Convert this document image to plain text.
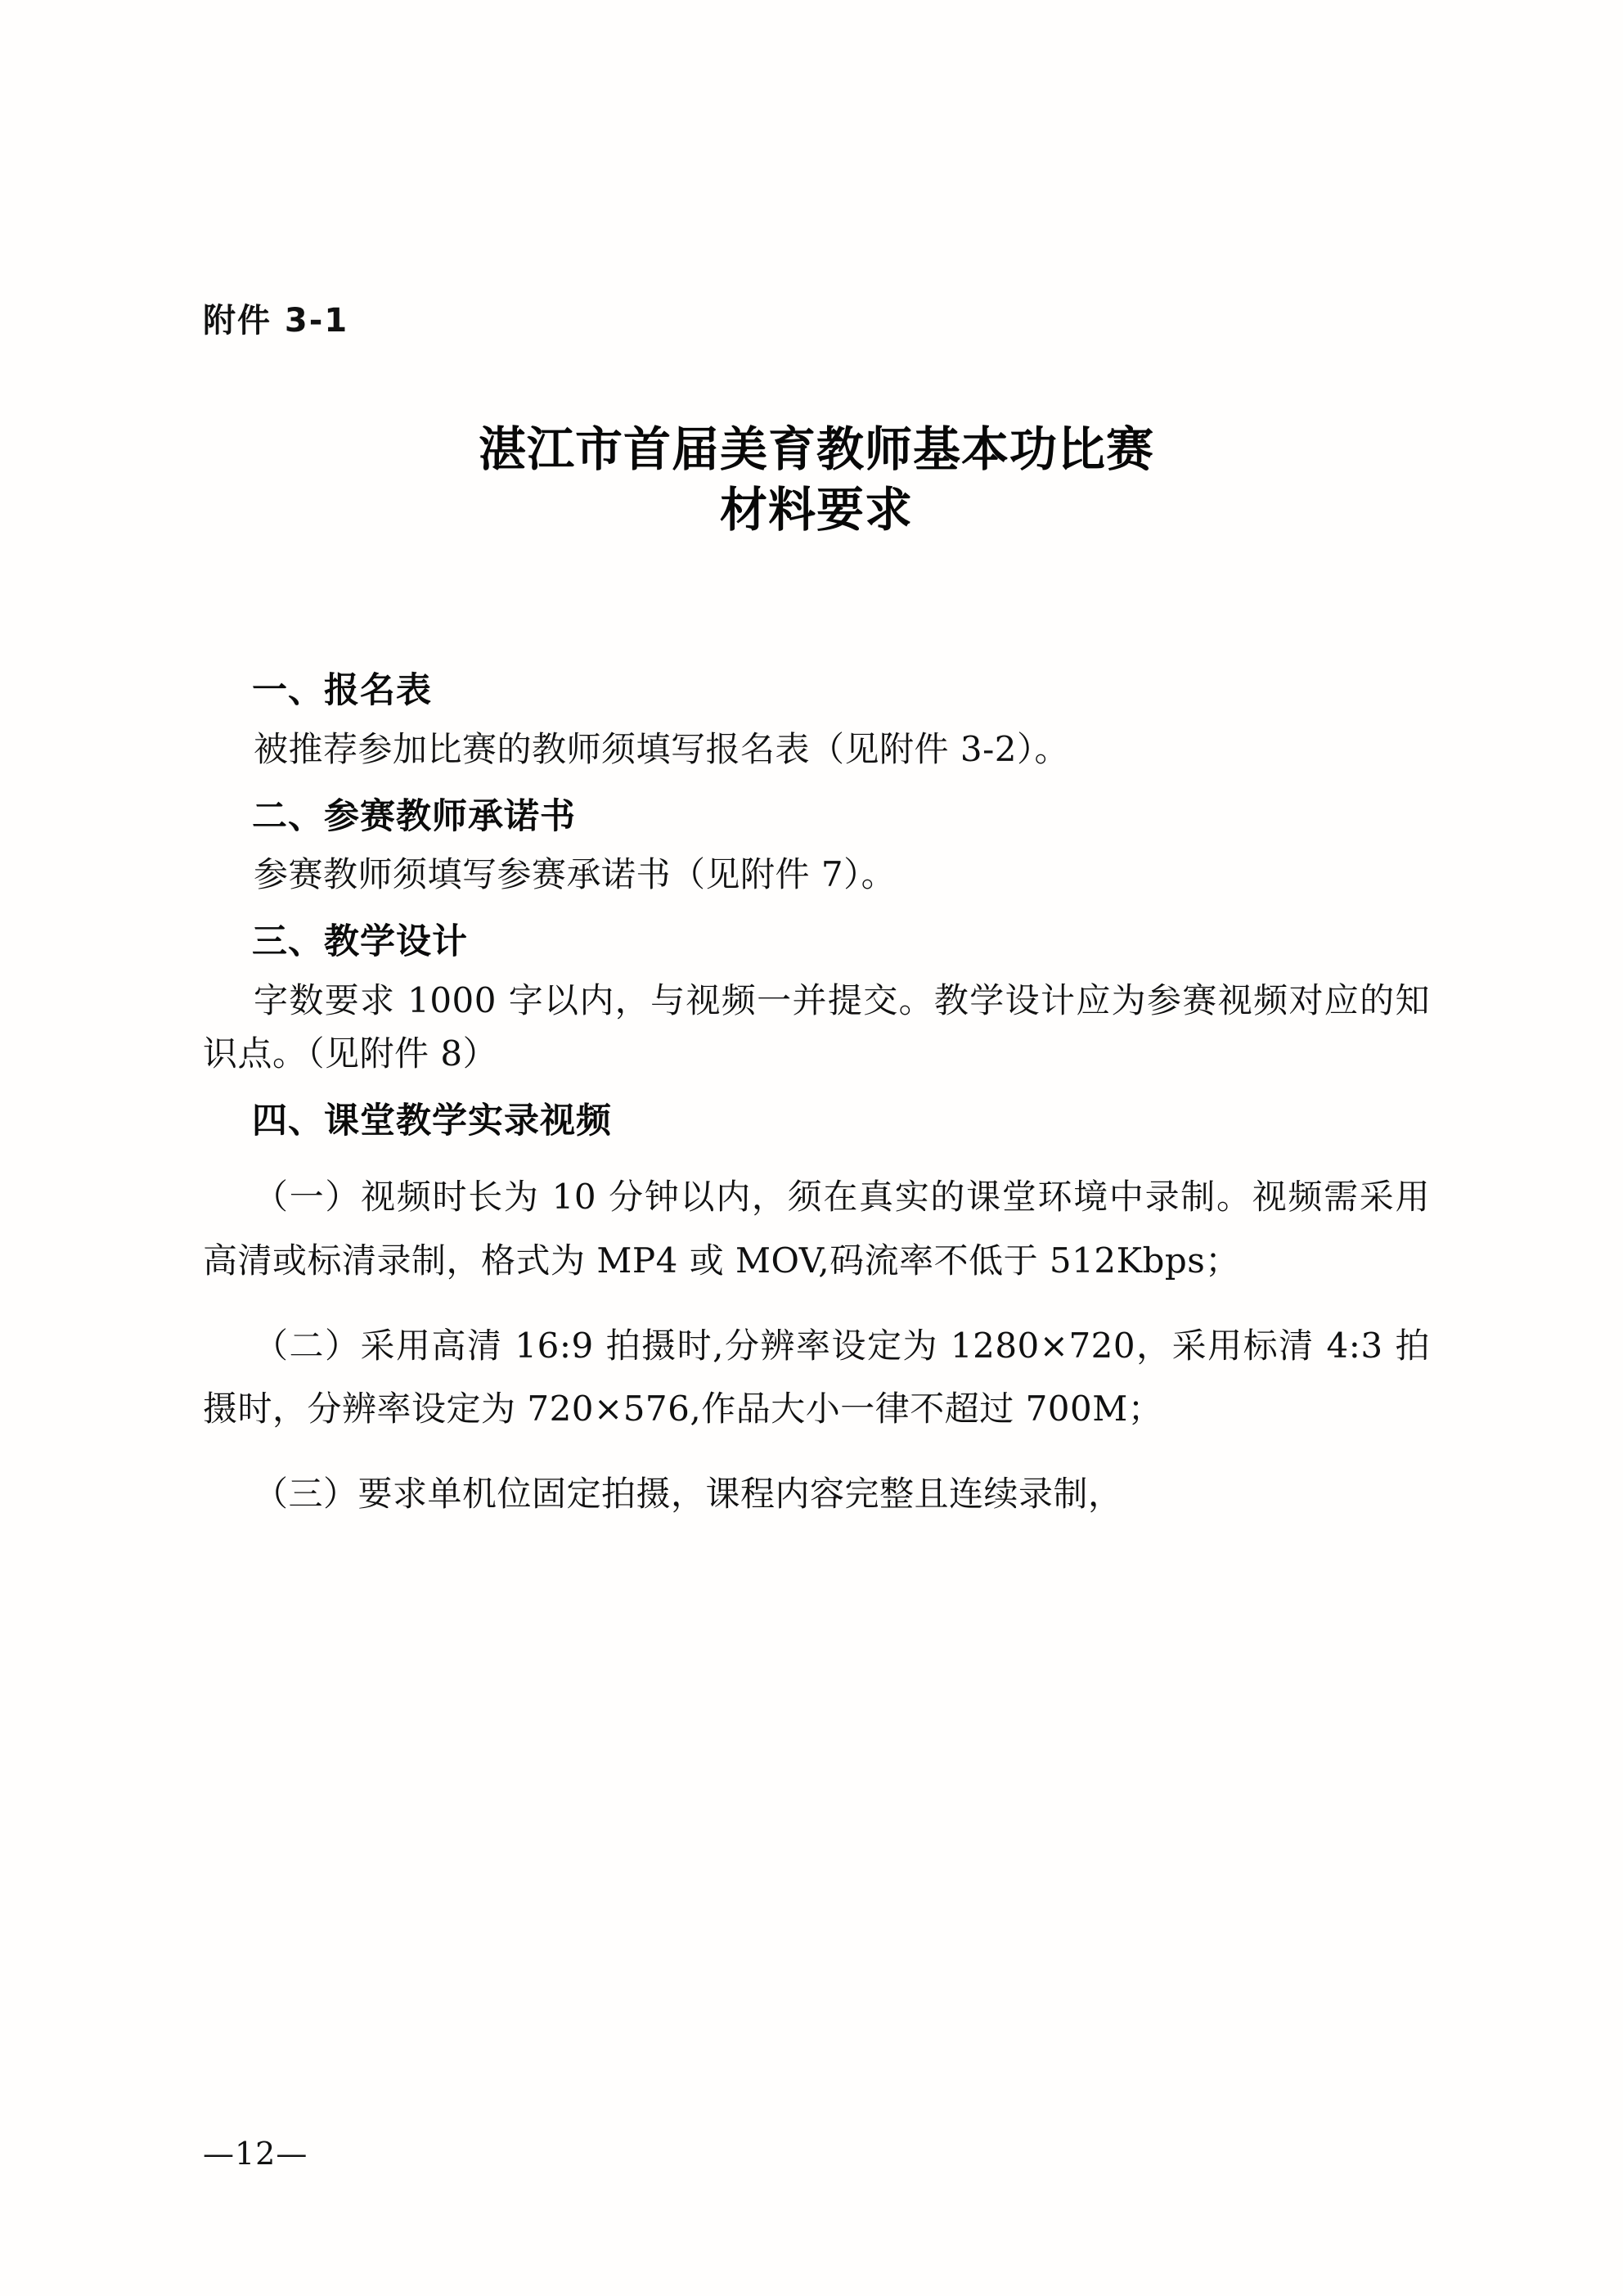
附件 3-1
湛江市首届美育教师基本功比赛
材料要求
一、报名表

被推荐参加比赛的教师须填写报名表（见附件 3-2）。

二、参赛教师承诺书

参赛教师须填写参赛承诺书（见附件 7）。

三、教学设计

字数要求 1000 字以内，与视频一并提交。教学设计应为参赛视频对应的知识点。（见附件 8）

四、课堂教学实录视频

（一）视频时长为 10 分钟以内，须在真实的课堂环境中录制。视频需采用高清或标清录制，格式为 MP4 或 MOV,码流率不低于 512Kbps；

（二）采用高清 16:9 拍摄时,分辨率设定为 1280×720，采用标清 4:3 拍摄时，分辨率设定为 720×576,作品大小一律不超过 700M；

（三）要求单机位固定拍摄，课程内容完整且连续录制，

—12—
